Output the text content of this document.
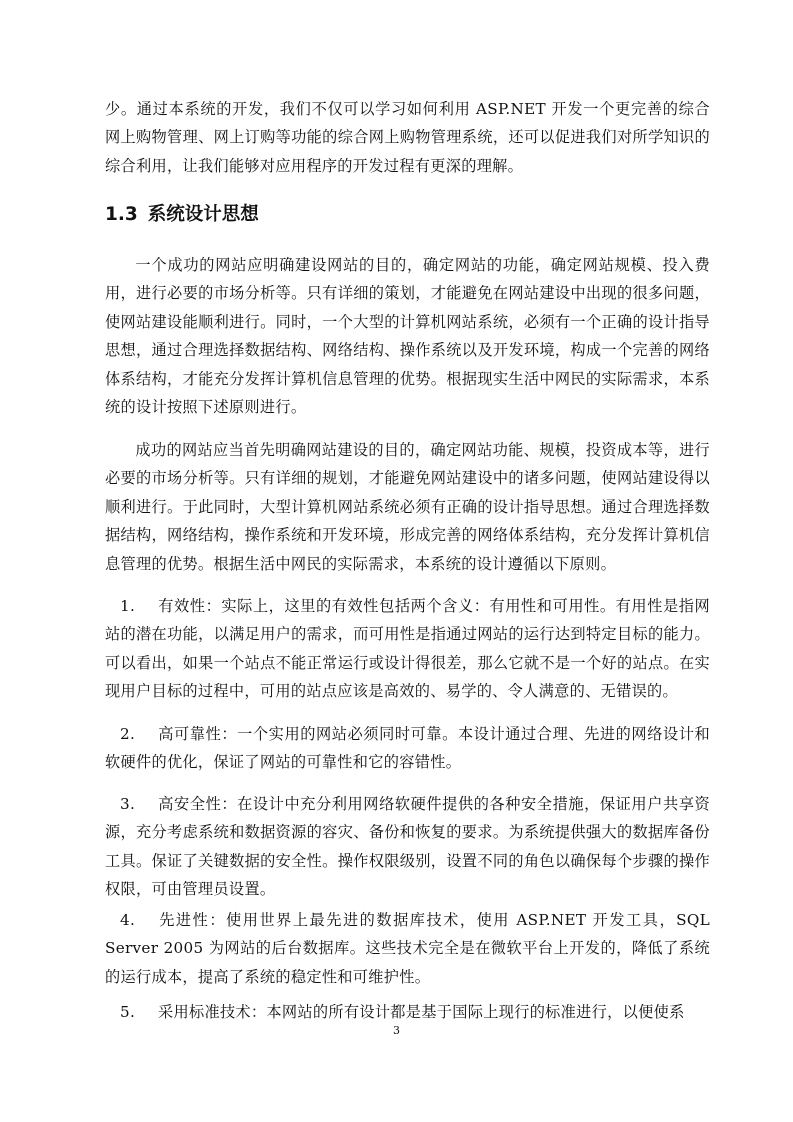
少。通过本系统的开发，我们不仅可以学习如何利用 ASP.NET 开发一个更完善的综合网上购物管理、网上订购等功能的综合网上购物管理系统，还可以促进我们对所学知识的综合利用，让我们能够对应用程序的开发过程有更深的理解。

1.3 系统设计思想

一个成功的网站应明确建设网站的目的，确定网站的功能，确定网站规模、投入费用，进行必要的市场分析等。只有详细的策划，才能避免在网站建设中出现的很多问题，使网站建设能顺利进行。同时，一个大型的计算机网站系统，必须有一个正确的设计指导思想，通过合理选择数据结构、网络结构、操作系统以及开发环境，构成一个完善的网络体系结构，才能充分发挥计算机信息管理的优势。根据现实生活中网民的实际需求，本系统的设计按照下述原则进行。

成功的网站应当首先明确网站建设的目的，确定网站功能、规模，投资成本等，进行必要的市场分析等。只有详细的规划，才能避免网站建设中的诸多问题，使网站建设得以顺利进行。于此同时，大型计算机网站系统必须有正确的设计指导思想。通过合理选择数据结构，网络结构，操作系统和开发环境，形成完善的网络体系结构，充分发挥计算机信息管理的优势。根据生活中网民的实际需求，本系统的设计遵循以下原则。

1. 有效性：实际上，这里的有效性包括两个含义：有用性和可用性。有用性是指网站的潜在功能，以满足用户的需求，而可用性是指通过网站的运行达到特定目标的能力。可以看出，如果一个站点不能正常运行或设计得很差，那么它就不是一个好的站点。在实现用户目标的过程中，可用的站点应该是高效的、易学的、令人满意的、无错误的。

2. 高可靠性：一个实用的网站必须同时可靠。本设计通过合理、先进的网络设计和软硬件的优化，保证了网站的可靠性和它的容错性。

3. 高安全性：在设计中充分利用网络软硬件提供的各种安全措施，保证用户共享资源，充分考虑系统和数据资源的容灾、备份和恢复的要求。为系统提供强大的数据库备份工具。保证了关键数据的安全性。操作权限级别，设置不同的角色以确保每个步骤的操作权限，可由管理员设置。

4. 先进性：使用世界上最先进的数据库技术，使用 ASP.NET 开发工具，SQL Server 2005 为网站的后台数据库。这些技术完全是在微软平台上开发的，降低了系统的运行成本，提高了系统的稳定性和可维护性。

5. 采用标准技术：本网站的所有设计都是基于国际上现行的标准进行，以便使系

3
